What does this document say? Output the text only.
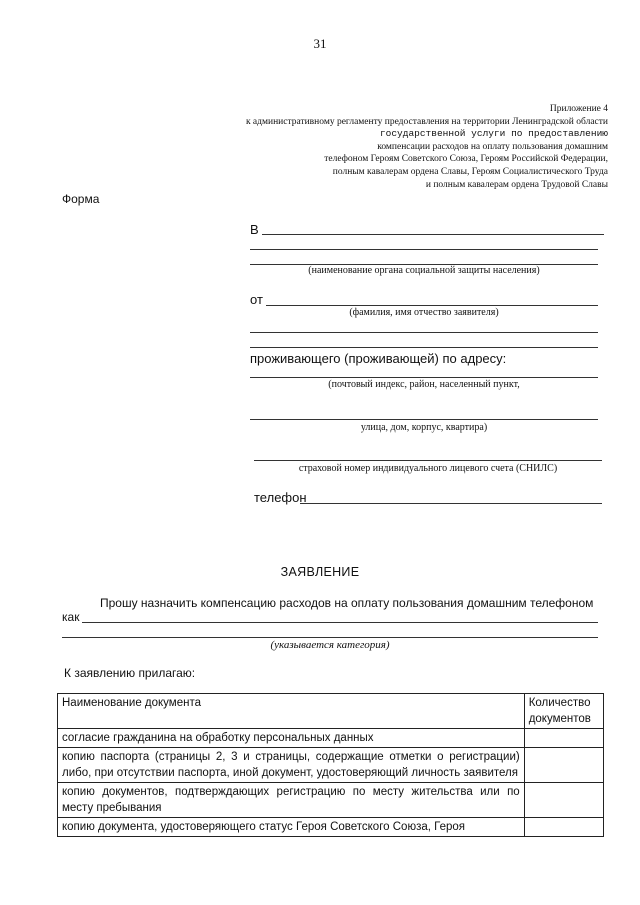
31
Приложение 4
к административному регламенту предоставления на территории Ленинградской области
государственной услуги по предоставлению
компенсации расходов на оплату пользования домашним
телефоном Героям Советского Союза, Героям Российской Федерации,
полным кавалерам ордена Славы, Героям Социалистического Труда
и полным кавалерам ордена Трудовой Славы
Форма
В
(наименование органа социальной защиты населения)
от
(фамилия, имя отчество заявителя)
проживающего (проживающей) по адресу:
(почтовый индекс, район, населенный пункт,
улица, дом, корпус, квартира)
страховой номер индивидуального лицевого счета (СНИЛС)
телефон
ЗАЯВЛЕНИЕ
Прошу назначить компенсацию расходов на оплату пользования домашним телефоном
как
(указывается категория)
К заявлению прилагаю:
Наименование документа	Количество документов
согласие гражданина на обработку персональных данных	
копию паспорта (страницы 2, 3 и страницы, содержащие отметки о регистрации) либо, при отсутствии паспорта, иной документ, удостоверяющий личность заявителя	
копию документов, подтверждающих регистрацию по месту жительства или по месту пребывания	
копию документа, удостоверяющего статус Героя Советского Союза, Героя	
